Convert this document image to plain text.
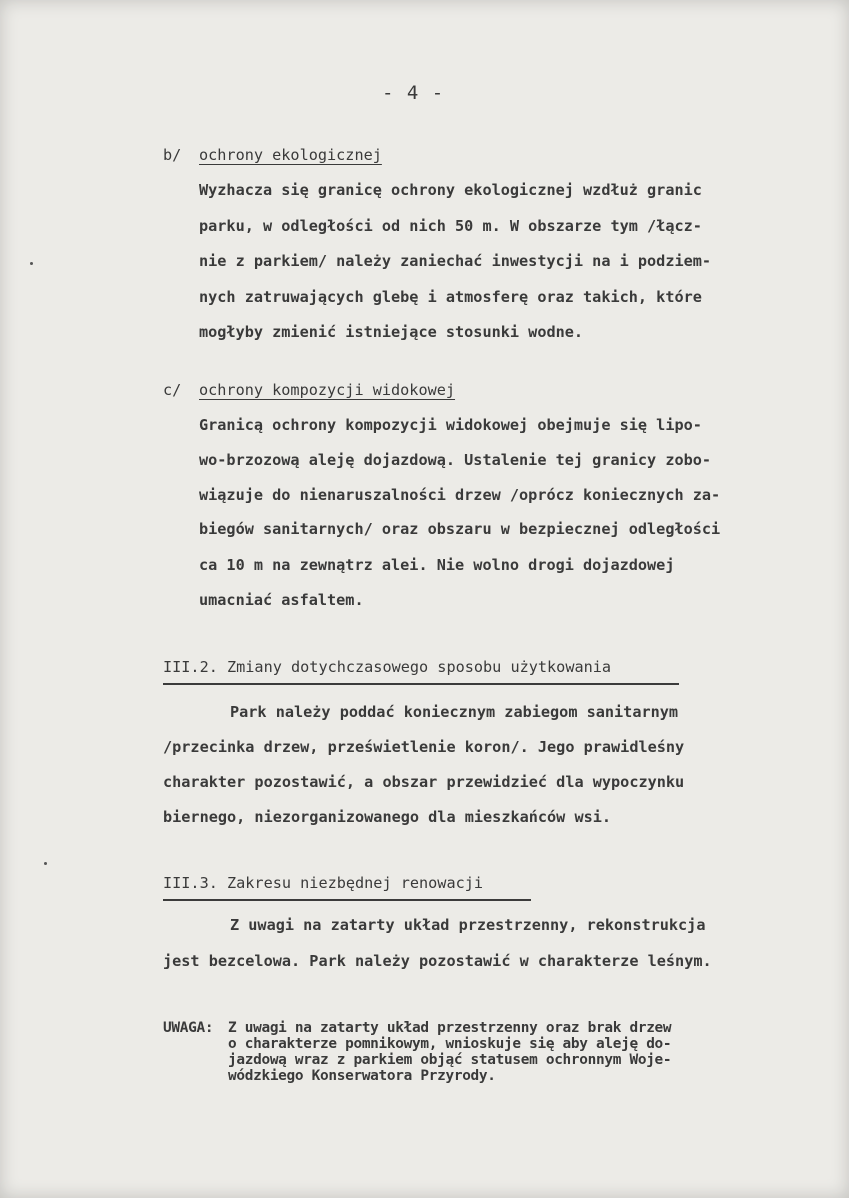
- 4 -
b/ ochrony ekologicznej
Wyzhacza się granicę ochrony ekologicznej wzdłuż granic
parku, w odległości od nich 50 m. W obszarze tym /łącz-
nie z parkiem/ należy zaniechać inwestycji na i podziem-
nych zatruwających glebę i atmosferę oraz takich, które
mogłyby zmienić istniejące stosunki wodne.
c/ ochrony kompozycji widokowej
Granicą ochrony kompozycji widokowej obejmuje się lipo-
wo-brzozową aleję dojazdową. Ustalenie tej granicy zobo-
wiązuje do nienaruszalności drzew /oprócz koniecznych za-
biegów sanitarnych/ oraz obszaru w bezpiecznej odległości
ca 10 m na zewnątrz alei. Nie wolno drogi dojazdowej
umacniać asfaltem.
III.2. Zmiany dotychczasowego sposobu użytkowania
Park należy poddać koniecznym zabiegom sanitarnym
/przecinka drzew, prześwietlenie koron/. Jego prawidleśny
charakter pozostawić, a obszar przewidzieć dla wypoczynku
biernego, niezorganizowanego dla mieszkańców wsi.
III.3. Zakresu niezbędnej renowacji
Z uwagi na zatarty układ przestrzenny, rekonstrukcja
jest bezcelowa. Park należy pozostawić w charakterze leśnym.
UWAGA: Z uwagi na zatarty układ przestrzenny oraz brak drzew
o charakterze pomnikowym, wnioskuje się aby aleję do-
jazdową wraz z parkiem objąć statusem ochronnym Woje-
wódzkiego Konserwatora Przyrody.
